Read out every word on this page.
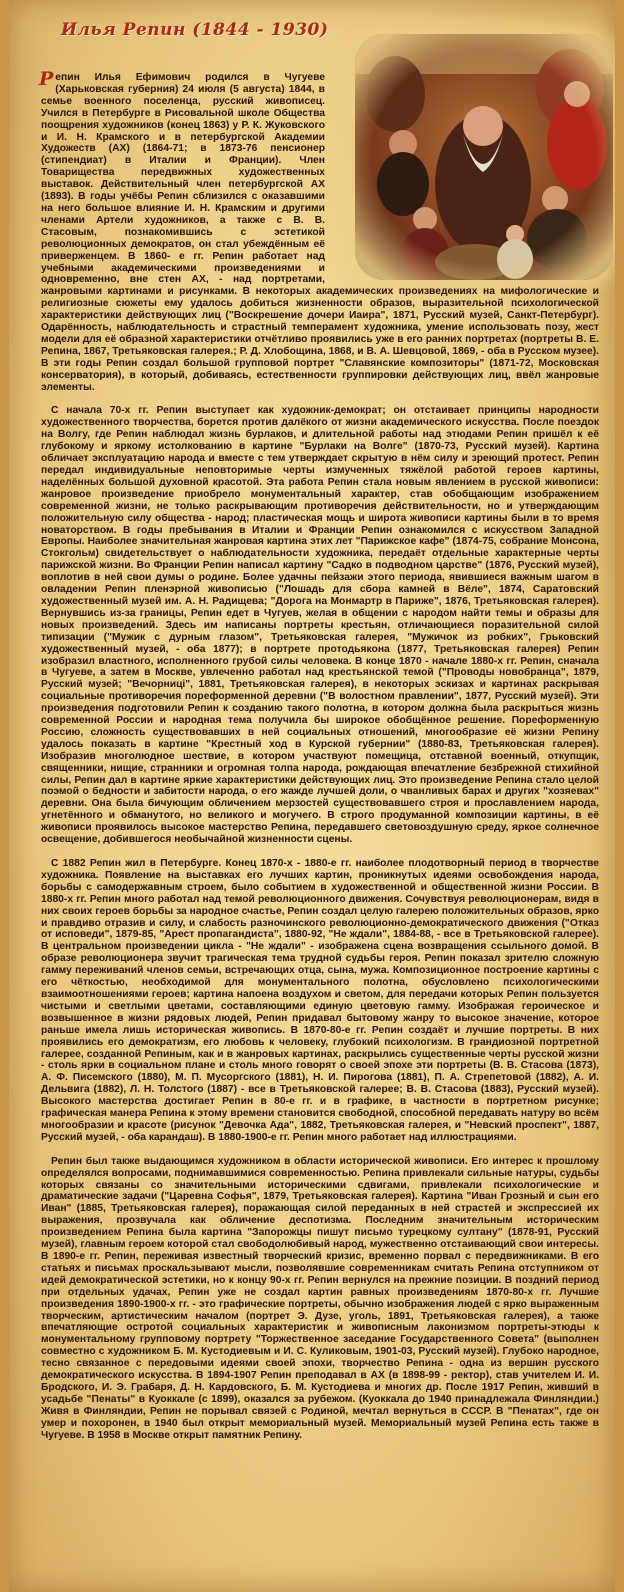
Илья Репин (1844 - 1930)

Репин Илья Ефимович родился в Чугуеве (Харьковская губерния) 24 июля (5 августа) 1844, в семье военного поселенца, русский живописец. Учился в Петербурге в Рисовальной школе Общества поощрения художников (конец 1863) у Р. К. Жуковского и И. Н. Крамского и в петербургской Академии Художеств (АХ) (1864-71; в 1873-76 пенсионер (стипендиат) в Италии и Франции). Член Товарищества передвижных художественных выставок. Действительный член петербургской АХ (1893). В годы учёбы Репин сблизился с оказавшими на него большое влияние И. Н. Крамским и другими членами Артели художников, а также с В. В. Стасовым, познакомившись с эстетикой революционных демократов, он стал убеждённым её приверженцем. В 1860- е гг. Репин работает над учебными академическими произведениями и одновременно, вне стен АХ, - над портретами, жанровыми картинами и рисунками. В некоторых академических произведениях на мифологические и религиозные сюжеты ему удалось добиться жизненности образов, выразительной психологической характеристики действующих лиц ("Воскрешение дочери Иаира", 1871, Русский музей, Санкт-Петербург). Одарённость, наблюдательность и страстный темперамент художника, умение использовать позу, жест модели для её образной характеристики отчётливо проявились уже в его ранних портретах (портреты В. Е. Репина, 1867, Третьяковская галерея.; Р. Д. Хлобощина, 1868, и В. А. Шевцовой, 1869, - оба в Русском музее). В эти годы Репин создал большой групповой портрет "Славянские композиторы" (1871-72, Московская консерватория), в который, добиваясь, естественности группировки действующих лиц, ввёл жанровые элементы.

С начала 70-х гг. Репин выступает как художник-демократ; он отстаивает принципы народности художественного творчества, борется против далёкого от жизни академического искусства. После поездок на Волгу, где Репин наблюдал жизнь бурлаков, и длительной работы над этюдами Репин пришёл к её глубокому и яркому истолкованию в картине "Бурлаки на Волге" (1870-73, Русский музей). Картина обличает эксплуатацию народа и вместе с тем утверждает скрытую в нём силу и зреющий протест. Репин передал индивидуальные неповторимые черты измученных тяжёлой работой героев картины, наделённых большой духовной красотой. Эта работа Репин стала новым явлением в русской живописи: жанровое произведение приобрело монументальный характер, став обобщающим изображением современной жизни, не только раскрывающим противоречия действительности, но и утверждающим положительную силу общества - народ; пластическая мощь и широта живописи картины были в то время новаторством. В годы пребывания в Италии и Франции Репин ознакомился с искусством Западной Европы. Наиболее значительная жанровая картина этих лет "Парижское кафе" (1874-75, собрание Монсона, Стокгольм) свидетельствует о наблюдательности художника, передаёт отдельные характерные черты парижской жизни. Во Франции Репин написал картину "Садко в подводном царстве" (1876, Русский музей), воплотив в ней свои думы о родине. Более удачны пейзажи этого периода, явившиеся важным шагом в овладении Репин пленэрной живописью ("Лошадь для сбора камней в Вёле", 1874, Саратовский художественный музей им. А. Н. Радищева; "Дорога на Монмартр в Париже", 1876, Третьяковская галерея). Вернувшись из-за границы, Репин едет в Чугуев, желая в общении с народом найти темы и образы для новых произведений. Здесь им написаны портреты крестьян, отличающиеся поразительной силой типизации ("Мужик с дурным глазом", Третьяковская галерея, "Мужичок из робких", Грьковский художественный музей, - оба 1877); в портрете протодьякона (1877, Третьяковская галерея) Репин изобразил властного, исполненного грубой силы человека. В конце 1870 - начале 1880-х гг. Репин, сначала в Чугуеве, а затем в Москве, увлеченно работал над крестьянской темой ("Проводы новобранца", 1879, Русский музей; "Вечорниці", 1881, Третьяковская галерея), в некоторых эскизах и картинах раскрывая социальные противоречия пореформенной деревни ("В волостном правлении", 1877, Русский музей). Эти произведения подготовили Репин к созданию такого полотна, в котором должна была раскрыться жизнь современной России и народная тема получила бы широкое обобщённое решение. Пореформенную Россию, сложность существовавших в ней социальных отношений, многообразие её жизни Репину удалось показать в картине "Крестный ход в Курской губернии" (1880-83, Третьяковская галерея). Изобразив многолюдное шествие, в котором участвуют помещица, отставной военный, откупщик, священники, нищие, странники и огромная толпа народа, рождающая впечатление безбрежной стихийной силы, Репин дал в картине яркие характеристики действующих лиц. Это произведение Репина стало целой поэмой о бедности и забитости народа, о его жажде лучшей доли, о чванливых барах и других "хозяевах" деревни. Она была бичующим обличением мерзостей существовавшего строя и прославлением народа, угнетённого и обманутого, но великого и могучего. В строго продуманной композиции картины, в её живописи проявилось высокое мастерство Репина, передавшего световоздушную среду, яркое солнечное освещение, добившегося необычайной жизненности сцены.

С 1882 Репин жил в Петербурге. Конец 1870-х - 1880-е гг. наиболее плодотворный период в творчестве художника. Появление на выставках его лучших картин, проникнутых идеями освобождения народа, борьбы с самодержавным строем, было событием в художественной и общественной жизни России. В 1880-х гг. Репин много работал над темой революционного движения. Сочувствуя революционерам, видя в них своих героев борьбы за народное счастье, Репин создал целую галерею положительных образов, ярко и правдиво отразив и силу, и слабость разночинского революционно-демократического движения ("Отказ от исповеди", 1879-85, "Арест пропагандиста", 1880-92, "Не ждали", 1884-88, - все в Третьяковской галерее). В центральном произведении цикла - "Не ждали" - изображена сцена возвращения ссыльного домой. В образе революционера звучит трагическая тема трудной судьбы героя. Репин показал зрителю сложную гамму переживаний членов семьи, встречающих отца, сына, мужа. Композиционное построение картины с его чёткостью, необходимой для монументального полотна, обусловлено психологическими взаимоотношениями героев; картина напоена воздухом и светом, для передачи которых Репин пользуется чистыми и светлыми цветами, составляющими единую цветовую гамму. Изображая героическое и возвышенное в жизни рядовых людей, Репин придавал бытовому жанру то высокое значение, которое раньше имела лишь историческая живопись. В 1870-80-е гг. Репин создаёт и лучшие портреты. В них проявились его демократизм, его любовь к человеку, глубокий психологизм. В грандиозной портретной галерее, созданной Репиным, как и в жанровых картинах, раскрылись существенные черты русской жизни - столь ярки в социальном плане и столь много говорят о своей эпохе эти портреты (В. В. Стасова (1873), А. Ф. Писемского (1880), М. П. Мусоргского (1881), Н. И. Пирогова (1881), П. А. Стрепетовой (1882), А. И. Дельвига (1882), Л. Н. Толстого (1887) - все в Третьяковской галерее; В. В. Стасова (1883), Русский музей). Высокого мастерства достигает Репин в 80-е гг. и в графике, в частности в портретном рисунке; графическая манера Репина к этому времени становится свободной, способной передавать натуру во всём многообразии и красоте (рисунок "Девочка Ада", 1882, Третьяковская галерея, и "Невский проспект", 1887, Русский музей, - оба карандаш). В 1880-1900-е гг. Репин много работает над иллюстрациями.

Репин был также выдающимся художником в области исторической живописи. Его интерес к прошлому определялся вопросами, поднимавшимися современностью. Репина привлекали сильные натуры, судьбы которых связаны со значительными историческими сдвигами, привлекали психологические и драматические задачи ("Царевна Софья", 1879, Третьяковская галерея). Картина "Иван Грозный и сын его Иван" (1885, Третьяковская галерея), поражающая силой переданных в ней страстей и экспрессией их выражения, прозвучала как обличение деспотизма. Последним значительным историческим произведением Репина была картина "Запорожцы пишут письмо турецкому султану" (1878-91, Русский музей), главным героем которой стал свободолюбивый народ, мужественно отстаивающий свои интересы. В 1890-е гг. Репин, переживая известный творческий кризис, временно порвал с передвижниками. В его статьях и письмах проскальзывают мысли, позволявшие современникам считать Репина отступником от идей демократической эстетики, но к концу 90-х гг. Репин вернулся на прежние позиции. В поздний период при отдельных удачах, Репин уже не создал картин равных произведениям 1870-80-х гг. Лучшие произведения 1890-1900-х гг. - это графические портреты, обычно изображения людей с ярко выраженным творческим, артистическим началом (портрет Э. Дузе, уголь, 1891, Третьяковская галерея), а также впечатляющие остротой социальных характеристик и живописным лаконизмом портреты-этюды к монументальному групповому портрету "Торжественное заседание Государственного Совета" (выполнен совместно с художником Б. М. Кустодиевым и И. С. Куликовым, 1901-03, Русский музей). Глубоко народное, тесно связанное с передовыми идеями своей эпохи, творчество Репина - одна из вершин русского демократического искусства. В 1894-1907 Репин преподавал в АХ (в 1898-99 - ректор), став учителем И. И. Бродского, И. Э. Грабаря, Д. Н. Кардовского, Б. М. Кустодиева и многих др. После 1917 Репин, живший в усадьбе "Пенаты" в Куоккале (с 1899), оказался за рубежом. (Куоккала до 1940 принадлежала Финляндии.) Живя в Финляндии, Репин не порывал связей с Родиной, мечтал вернуться в СССР. В "Пенатах", где он умер и похоронен, в 1940 был открыт мемориальный музей. Мемориальный музей Репина есть также в Чугуеве. В 1958 в Москве открыт памятник Репину.
